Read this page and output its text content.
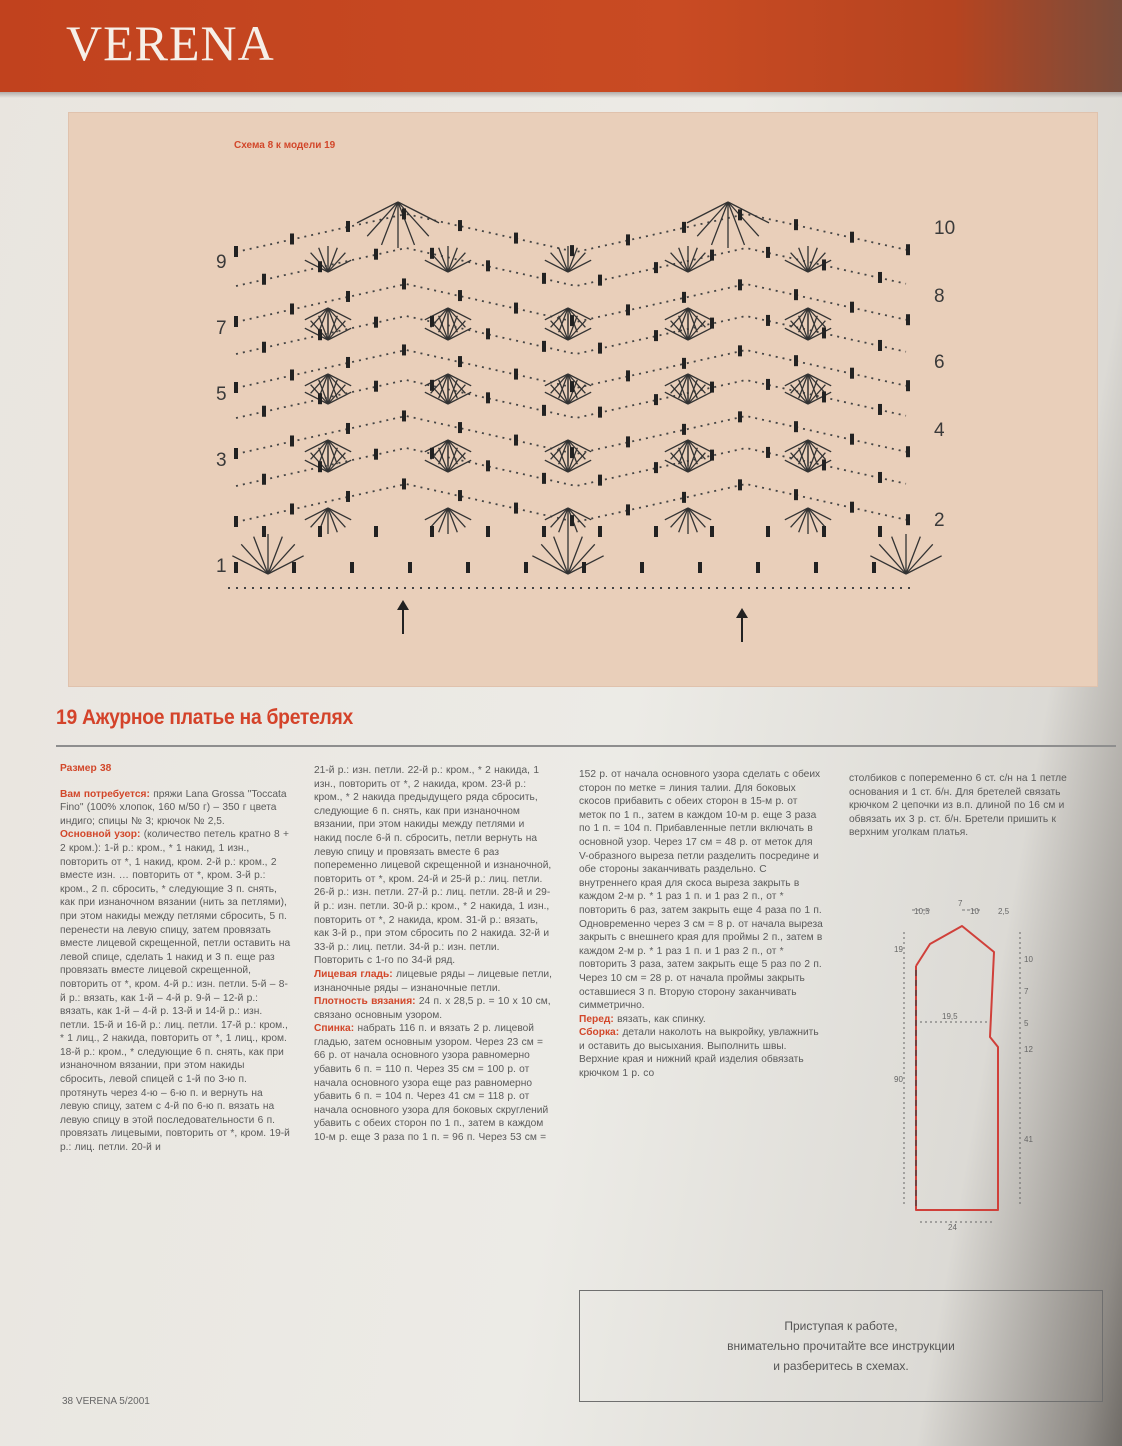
VERENA
Схема 8 к модели 19
9
7
5
3
1
10
8
6
4
2
19 Ажурное платье на бретелях

Размер 38

Вам потребуется: пряжи Lana Grossa "Toccata Fino" (100% хлопок, 160 м/50 г) – 350 г цвета индиго; спицы № 3; крючок № 2,5.

Основной узор: (количество петель кратно 8 + 2 кром.): 1-й р.: кром., * 1 накид, 1 изн., повторить от *, 1 накид, кром. 2-й р.: кром., 2 вместе изн. … повторить от *, кром. 3-й р.: кром., 2 п. сбросить, * следующие 3 п. снять, как при изнаночном вязании (нить за петлями), при этом накиды между петлями сбросить, 5 п. перенести на левую спицу, затем провязать вместе лицевой скрещенной, петли оставить на левой спице, сделать 1 накид и 3 п. еще раз провязать вместе лицевой скрещенной, повторить от *, кром. 4-й р.: изн. петли. 5-й – 8-й р.: вязать, как 1-й – 4-й р. 9-й – 12-й р.: вязать, как 1-й – 4-й р. 13-й и 14-й р.: изн. петли. 15-й и 16-й р.: лиц. петли. 17-й р.: кром., * 1 лиц., 2 накида, повторить от *, 1 лиц., кром. 18-й р.: кром., * следующие 6 п. снять, как при изнаночном вязании, при этом накиды сбросить, левой спицей с 1-й по 3-ю п. протянуть через 4-ю – 6-ю п. и вернуть на левую спицу, затем с 4-й по 6-ю п. вязать на левую спицу в этой последовательности 6 п. провязать лицевыми, повторить от *, кром. 19-й р.: лиц. петли. 20-й и

21-й р.: изн. петли. 22-й р.: кром., * 2 накида, 1 изн., повторить от *, 2 накида, кром. 23-й р.: кром., * 2 накида предыдущего ряда сбросить, следующие 6 п. снять, как при изнаночном вязании, при этом накиды между петлями и накид после 6-й п. сбросить, петли вернуть на левую спицу и провязать вместе 6 раз попеременно лицевой скрещенной и изнаночной, повторить от *, кром. 24-й и 25-й р.: лиц. петли. 26-й р.: изн. петли. 27-й р.: лиц. петли. 28-й и 29-й р.: изн. петли. 30-й р.: кром., * 2 накида, 1 изн., повторить от *, 2 накида, кром. 31-й р.: вязать, как 3-й р., при этом сбросить по 2 накида. 32-й и 33-й р.: лиц. петли. 34-й р.: изн. петли. Повторить с 1-го по 34-й ряд.

Лицевая гладь: лицевые ряды – лицевые петли, изнаночные ряды – изнаночные петли.

Плотность вязания: 24 п. x 28,5 р. = 10 x 10 см, связано основным узором.

Спинка: набрать 116 п. и вязать 2 р. лицевой гладью, затем основным узором. Через 23 см = 66 р. от начала основного узора равномерно убавить 6 п. = 110 п. Через 35 см = 100 р. от начала основного узора еще раз равномерно убавить 6 п. = 104 п. Через 41 см = 118 р. от начала основного узора для боковых скруглений убавить с обеих сторон по 1 п., затем в каждом 10-м р. еще 3 раза по 1 п. = 96 п. Через 53 см =

152 р. от начала основного узора сделать с обеих сторон по метке = линия талии. Для боковых скосов прибавить с обеих сторон в 15-м р. от меток по 1 п., затем в каждом 10-м р. еще 3 раза по 1 п. = 104 п. Прибавленные петли включать в основной узор. Через 17 см = 48 р. от меток для V-образного выреза петли разделить посредине и обе стороны заканчивать раздельно. С внутреннего края для скоса выреза закрыть в каждом 2-м р. * 1 раз 1 п. и 1 раз 2 п., от * повторить 6 раз, затем закрыть еще 4 раза по 1 п. Одновременно через 3 см = 8 р. от начала выреза закрыть с внешнего края для проймы 2 п., затем в каждом 2-м р. * 1 раз 1 п. и 1 раз 2 п., от * повторить 3 раза, затем закрыть еще 5 раз по 2 п. Через 10 см = 28 р. от начала проймы закрыть оставшиеся 3 п. Вторую сторону заканчивать симметрично.

Перед: вязать, как спинку.

Сборка: детали наколоть на выкройку, увлажнить и оставить до высыхания. Выполнить швы. Верхние края и нижний край изделия обвязать крючком 1 р. со

столбиков с попеременно 6 ст. с/н на 1 петле основания и 1 ст. б/н. Для бретелей связать крючком 2 цепочки из в.п. длиной по 16 см и обвязать их 3 р. ст. б/н. Бретели пришить к верхним уголкам платья.

10,5
7
10 2,5
19
90
10
7
5
12
41
19,5
24
Приступая к работе,
внимательно прочитайте все инструкции
и разберитесь в схемах.
38 VERENA 5/2001
